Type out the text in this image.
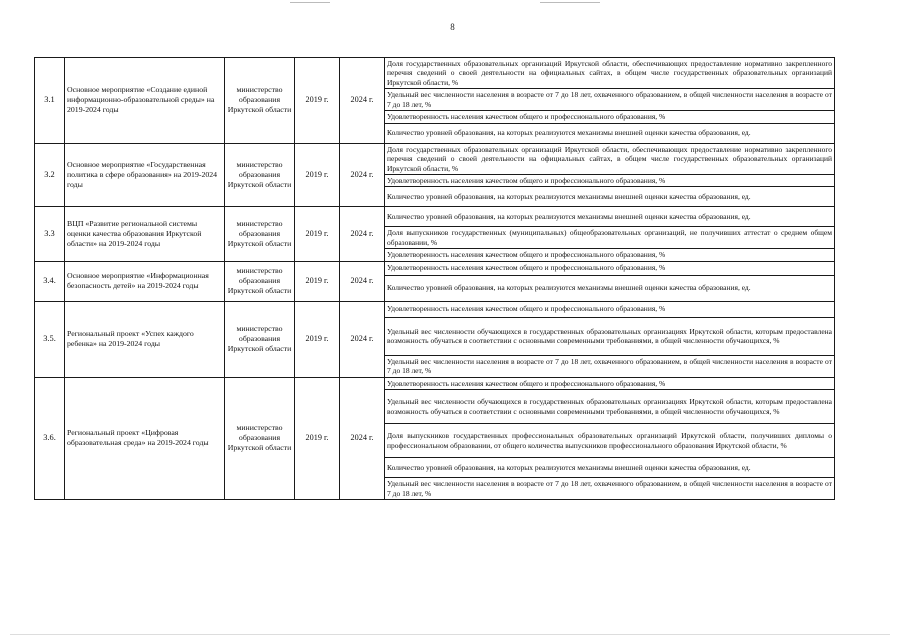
8
3.1	Основное мероприятие «Создание единой информационно-образовательной среды» на 2019-2024 годы	министерство образования Иркутской области	2019 г.	2024 г.	Доля государственных образовательных организаций Иркутской области, обеспечивающих предоставление нормативно закрепленного перечня сведений о своей деятельности на официальных сайтах, в общем числе государственных образовательных организаций Иркутской области, %
					Удельный вес численности населения в возрасте от 7 до 18 лет, охваченного образованием, в общей численности населения в возрасте от 7 до 18 лет, %
					Удовлетворенность населения качеством общего и профессионального образования, %
					Количество уровней образования, на которых реализуются механизмы внешней оценки качества образования, ед.
3.2	Основное мероприятие «Государственная политика в сфере образования» на 2019-2024 годы	министерство образования Иркутской области	2019 г.	2024 г.	Доля государственных образовательных организаций Иркутской области, обеспечивающих предоставление нормативно закрепленного перечня сведений о своей деятельности на официальных сайтах, в общем числе государственных образовательных организаций Иркутской области, %
					Удовлетворенность населения качеством общего и профессионального образования, %
					Количество уровней образования, на которых реализуются механизмы внешней оценки качества образования, ед.
3.3	ВЦП «Развитие региональной системы оценки качества образования Иркутской области» на 2019-2024 годы	министерство образования Иркутской области	2019 г.	2024 г.	Количество уровней образования, на которых реализуются механизмы внешней оценки качества образования, ед.
					Доля выпускников государственных (муниципальных) общеобразовательных организаций, не получивших аттестат о среднем общем образовании, %
					Удовлетворенность населения качеством общего и профессионального образования, %
3.4.	Основное мероприятие «Информационная безопасность детей» на 2019-2024 годы	министерство образования Иркутской области	2019 г.	2024 г.	Удовлетворенность населения качеством общего и профессионального образования, %
					Количество уровней образования, на которых реализуются механизмы внешней оценки качества образования, ед.
3.5.	Региональный проект «Успех каждого ребенка» на 2019-2024 годы	министерство образования Иркутской области	2019 г.	2024 г.	Удовлетворенность населения качеством общего и профессионального образования, %
					Удельный вес численности обучающихся в государственных образовательных организациях Иркутской области, которым предоставлена возможность обучаться в соответствии с основными современными требованиями, в общей численности обучающихся, %
					Удельный вес численности населения в возрасте от 7 до 18 лет, охваченного образованием, в общей численности населения в возрасте от 7 до 18 лет, %
3.6.	Региональный проект «Цифровая образовательная среда» на 2019-2024 годы	министерство образования Иркутской области	2019 г.	2024 г.	Удовлетворенность населения качеством общего и профессионального образования, %
					Удельный вес численности обучающихся в государственных образовательных организациях Иркутской области, которым предоставлена возможность обучаться в соответствии с основными современными требованиями, в общей численности обучающихся, %
					Доля выпускников государственных профессиональных образовательных организаций Иркутской области, получивших дипломы о профессиональном образовании, от общего количества выпускников профессионального образования Иркутской области, %
					Количество уровней образования, на которых реализуются механизмы внешней оценки качества образования, ед.
					Удельный вес численности населения в возрасте от 7 до 18 лет, охваченного образованием, в общей численности населения в возрасте от 7 до 18 лет, %
